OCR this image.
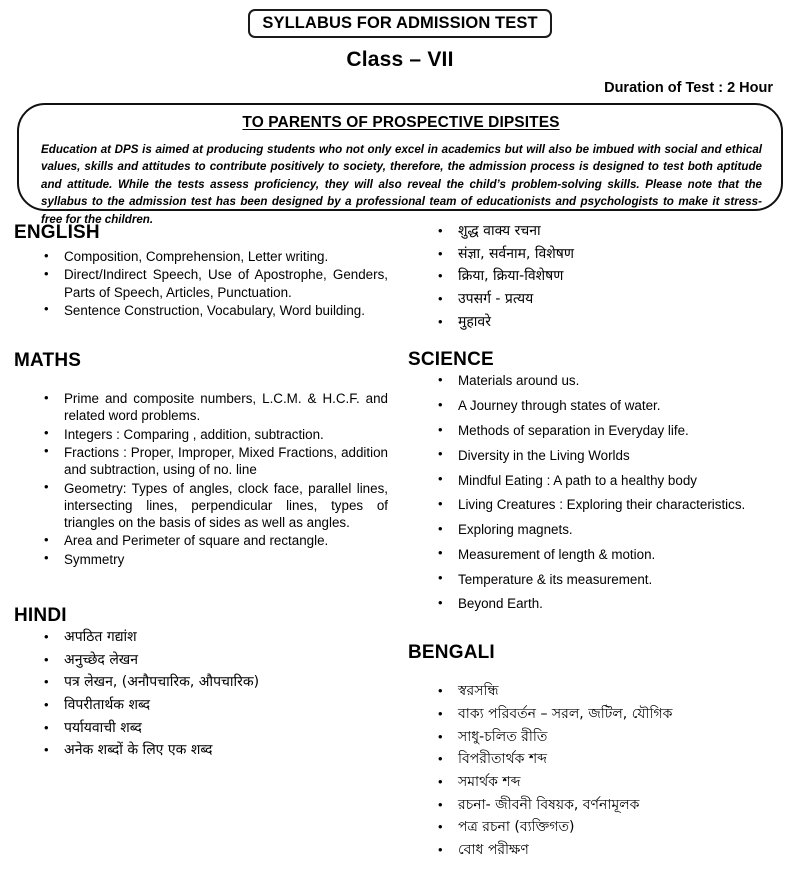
SYLLABUS FOR ADMISSION TEST
Class – VII
Duration of Test : 2 Hour
TO PARENTS OF PROSPECTIVE DIPSITES
Education at DPS is aimed at producing students who not only excel in academics but will also be imbued with social and ethical values, skills and attitudes to contribute positively to society, therefore, the admission process is designed to test both aptitude and attitude. While the tests assess proficiency, they will also reveal the child’s problem-solving skills. Please note that the syllabus to the admission test has been designed by a professional team of educationists and psychologists to make it stress- free for the children.
ENGLISH
• Composition, Comprehension, Letter writing.
• Direct/Indirect Speech, Use of Apostrophe, Genders, Parts of Speech, Articles, Punctuation.
• Sentence Construction, Vocabulary, Word building.
MATHS
• Prime and composite numbers, L.C.M. & H.C.F. and related word problems.
• Integers : Comparing , addition, subtraction.
• Fractions : Proper, Improper, Mixed Fractions, addition and subtraction, using of no. line
• Geometry: Types of angles, clock face, parallel lines, intersecting lines, perpendicular lines, types of triangles on the basis of sides as well as angles.
• Area and Perimeter of square and rectangle.
• Symmetry
HINDI
• अपठित गद्यांश
• अनुच्छेद लेखन
• पत्र लेखन, (अनौपचारिक, औपचारिक)
• विपरीतार्थक शब्द
• पर्यायवाची शब्द
• अनेक शब्दों के लिए एक शब्द
• शुद्ध वाक्य रचना
• संज्ञा, सर्वनाम, विशेषण
• क्रिया, क्रिया-विशेषण
• उपसर्ग - प्रत्यय
• मुहावरे
SCIENCE
• Materials around us.
• A Journey through states of water.
• Methods of separation in Everyday life.
• Diversity in the Living Worlds
• Mindful Eating : A path to a healthy body
• Living Creatures : Exploring their characteristics.
• Exploring magnets.
• Measurement of length & motion.
• Temperature & its measurement.
• Beyond Earth.
BENGALI
• স্বরসন্ধি
• বাক্য পরিবর্তন – সরল, জটিল, যৌগিক
• সাধু-চলিত রীতি
• বিপরীতার্থক শব্দ
• সমার্থক শব্দ
• রচনা- জীবনী বিষয়ক, বর্ণনামূলক
• পত্র রচনা (ব্যক্তিগত)
• বোধ পরীক্ষণ
